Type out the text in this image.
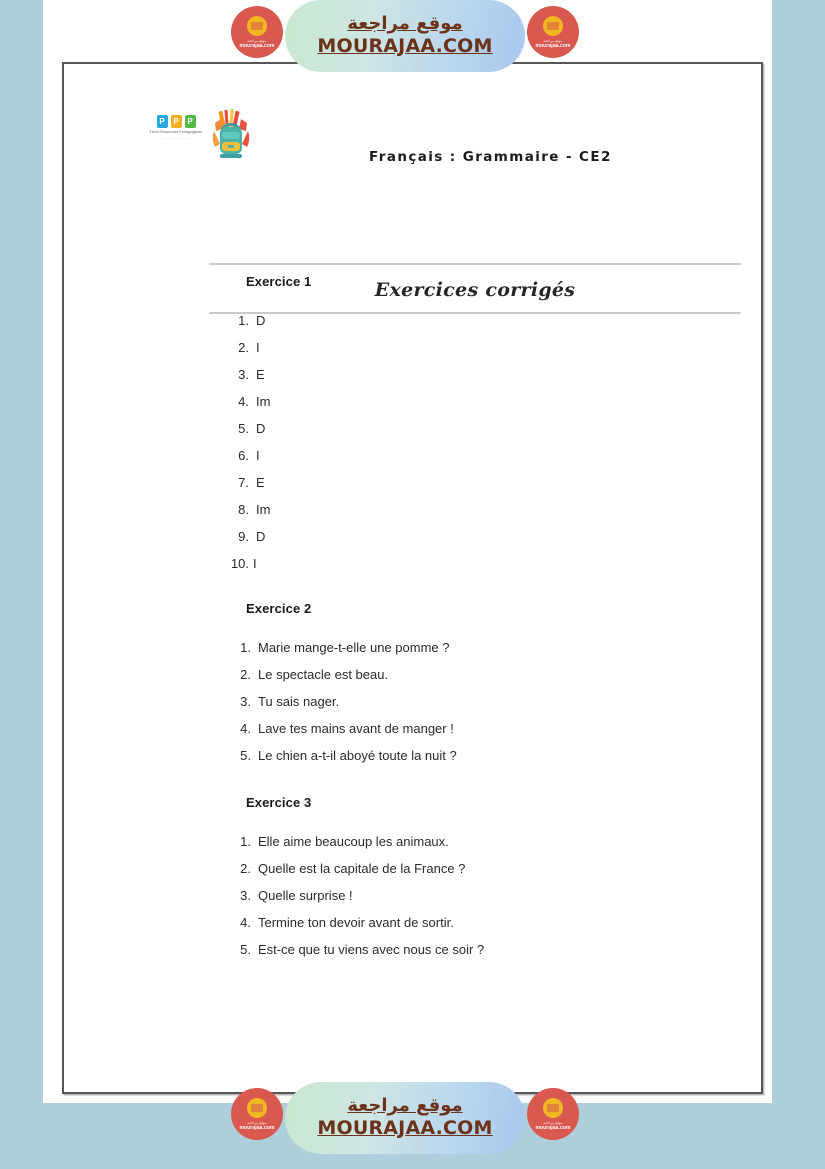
P	P	P
Fiche Ressources Pédagogiques
— — — — — — —
Français : Grammaire - CE2
Exercices corrigés
Exercice 1
1. D
2. I
3. E
4. Im
5. D
6. I
7. E
8. Im
9. D
10. I
Exercice 2
1. Marie mange-t-elle une pomme ?
2. Le spectacle est beau.
3. Tu sais nager.
4. Lave tes mains avant de manger !
5. Le chien a-t-il aboyé toute la nuit ?
Exercice 3
1. Elle aime beaucoup les animaux.
2. Quelle est la capitale de la France ?
3. Quelle surprise !
4. Termine ton devoir avant de sortir.
5. Est-ce que tu viens avec nous ce soir ?
موقع مراجعة
MOURAJAA.COM
موقع مراجعة
mourajaa.com
موقع مراجعة
mourajaa.com
موقع مراجعة
MOURAJAA.COM
موقع مراجعة
mourajaa.com
موقع مراجعة
mourajaa.com
